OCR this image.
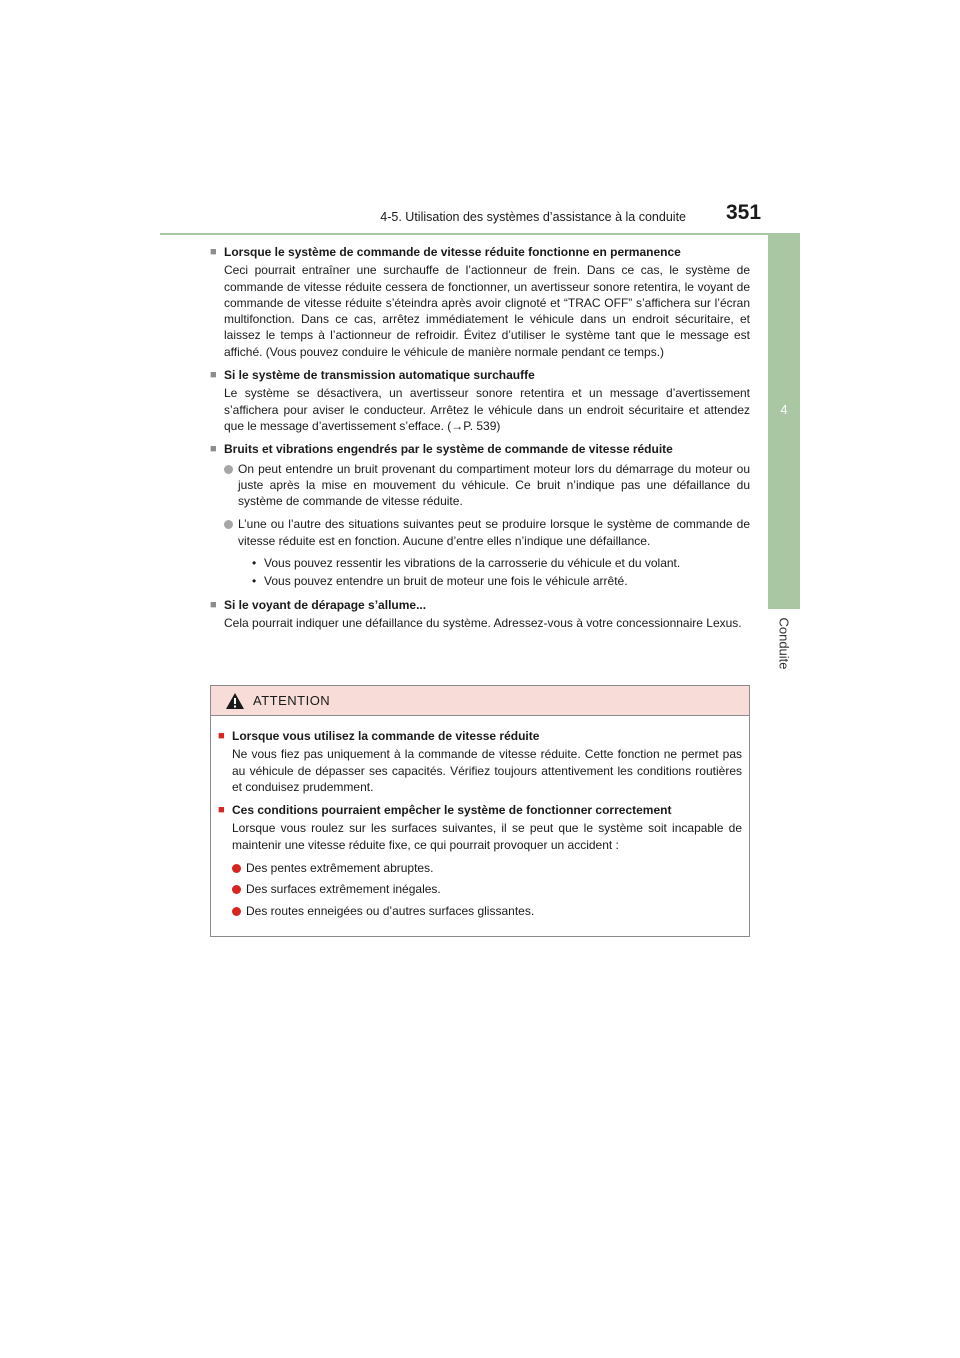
4-5. Utilisation des systèmes d’assistance à la conduite 351
4
Conduite
■ Lorsque le système de commande de vitesse réduite fonctionne en permanence
Ceci pourrait entraîner une surchauffe de l’actionneur de frein. Dans ce cas, le système de commande de vitesse réduite cessera de fonctionner, un avertisseur sonore retentira, le voyant de commande de vitesse réduite s’éteindra après avoir clignoté et “TRAC OFF” s’affichera sur l’écran multifonction. Dans ce cas, arrêtez immédiatement le véhicule dans un endroit sécuritaire, et laissez le temps à l’actionneur de refroidir. Évitez d’utiliser le système tant que le message est affiché. (Vous pouvez conduire le véhicule de manière normale pendant ce temps.)
■ Si le système de transmission automatique surchauffe
Le système se désactivera, un avertisseur sonore retentira et un message d’avertissement s’affichera pour aviser le conducteur. Arrêtez le véhicule dans un endroit sécuritaire et attendez que le message d’avertissement s’efface. (→P. 539)
■ Bruits et vibrations engendrés par le système de commande de vitesse réduite
On peut entendre un bruit provenant du compartiment moteur lors du démarrage du moteur ou juste après la mise en mouvement du véhicule. Ce bruit n’indique pas une défaillance du système de commande de vitesse réduite.
L’une ou l’autre des situations suivantes peut se produire lorsque le système de commande de vitesse réduite est en fonction. Aucune d’entre elles n’indique une défaillance.
• Vous pouvez ressentir les vibrations de la carrosserie du véhicule et du volant.
• Vous pouvez entendre un bruit de moteur une fois le véhicule arrêté.
■ Si le voyant de dérapage s’allume...
Cela pourrait indiquer une défaillance du système. Adressez-vous à votre concessionnaire Lexus.
ATTENTION
■ Lorsque vous utilisez la commande de vitesse réduite
Ne vous fiez pas uniquement à la commande de vitesse réduite. Cette fonction ne permet pas au véhicule de dépasser ses capacités. Vérifiez toujours attentivement les conditions routières et conduisez prudemment.
■ Ces conditions pourraient empêcher le système de fonctionner correctement
Lorsque vous roulez sur les surfaces suivantes, il se peut que le système soit incapable de maintenir une vitesse réduite fixe, ce qui pourrait provoquer un accident :
Des pentes extrêmement abruptes.
Des surfaces extrêmement inégales.
Des routes enneigées ou d’autres surfaces glissantes.
